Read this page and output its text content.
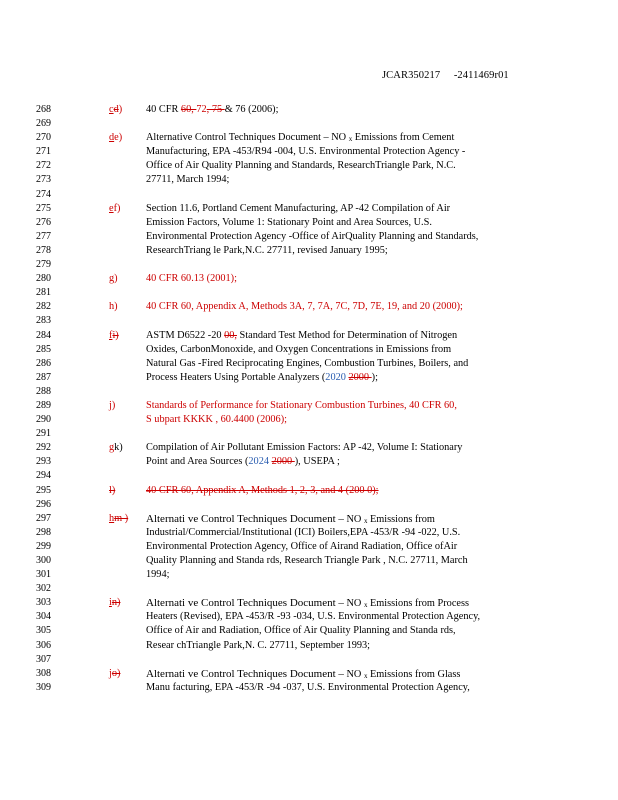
JCAR350217 -2411469r01
268	cd) 40 CFR 60, 72, 75 & 76 (2006);
269
270	de) Alternative Control Techniques Document – NO $_x$ Emissions from Cement
271	Manufacturing, EPA -453/R94 -004, U.S. Environmental Protection Agency -
272	Office of Air Quality Planning and Standards, ResearchTriangle Park, N.C.
273	27711, March 1994;
274
275	ef) Section 11.6, Portland Cement Manufacturing, AP -42 Compilation of Air
276	Emission Factors, Volume 1: Stationary Point and Area Sources, U.S.
277	Environmental Protection Agency -Office of AirQuality Planning and Standards,
278	ResearchTriang le Park,N.C. 27711, revised January 1995;
279
280	g)	40 CFR 60.13 (2001);
281
282	h)	40 CFR 60, Appendix A, Methods 3A, 7, 7A, 7C, 7D, 7E, 19, and 20 (2000);
283
284	fi)	ASTM D6522 -20 00, Standard Test Method for Determination of Nitrogen
285	Oxides, CarbonMonoxide, and Oxygen Concentrations in Emissions from
286	Natural Gas -Fired Reciprocating Engines, Combustion Turbines, Boilers, and
287	Process Heaters Using Portable Analyzers (2020 2000 );
288
289	j)	Standards of Performance for Stationary Combustion Turbines, 40 CFR 60,
290	S ubpart KKKK , 60.4400 (2006);
291
292	gk) Compilation of Air Pollutant Emission Factors: AP -42, Volume I: Stationary
293	Point and Area Sources (2024 2000 ), USEPA ;
294
295	l)	40 CFR 60, Appendix A, Methods 1, 2, 3, and 4 (200 0);
296
297	hm ) Alternati ve Control Techniques Document – NO $_x$ Emissions from
298	Industrial/Commercial/Institutional (ICI) Boilers,EPA -453/R -94 -022, U.S.
299	Environmental Protection Agency, Office of Airand Radiation, Office ofAir
300	Quality Planning and Standa rds, Research Triangle Park , N.C. 27711, March
301	1994;
302
303	in) Alternati ve Control Techniques Document – NO $_x$ Emissions from Process
304	Heaters (Revised), EPA -453/R -93 -034, U.S. Environmental Protection Agency,
305	Office of Air and Radiation, Office of Air Quality Planning and Standa rds,
306	Resear chTriangle Park,N. C. 27711, September 1993;
307
308	jo) Alternati ve Control Techniques Document – NO $_x$ Emissions from Glass
309	Manu facturing, EPA -453/R -94 -037, U.S. Environmental Protection Agency,
